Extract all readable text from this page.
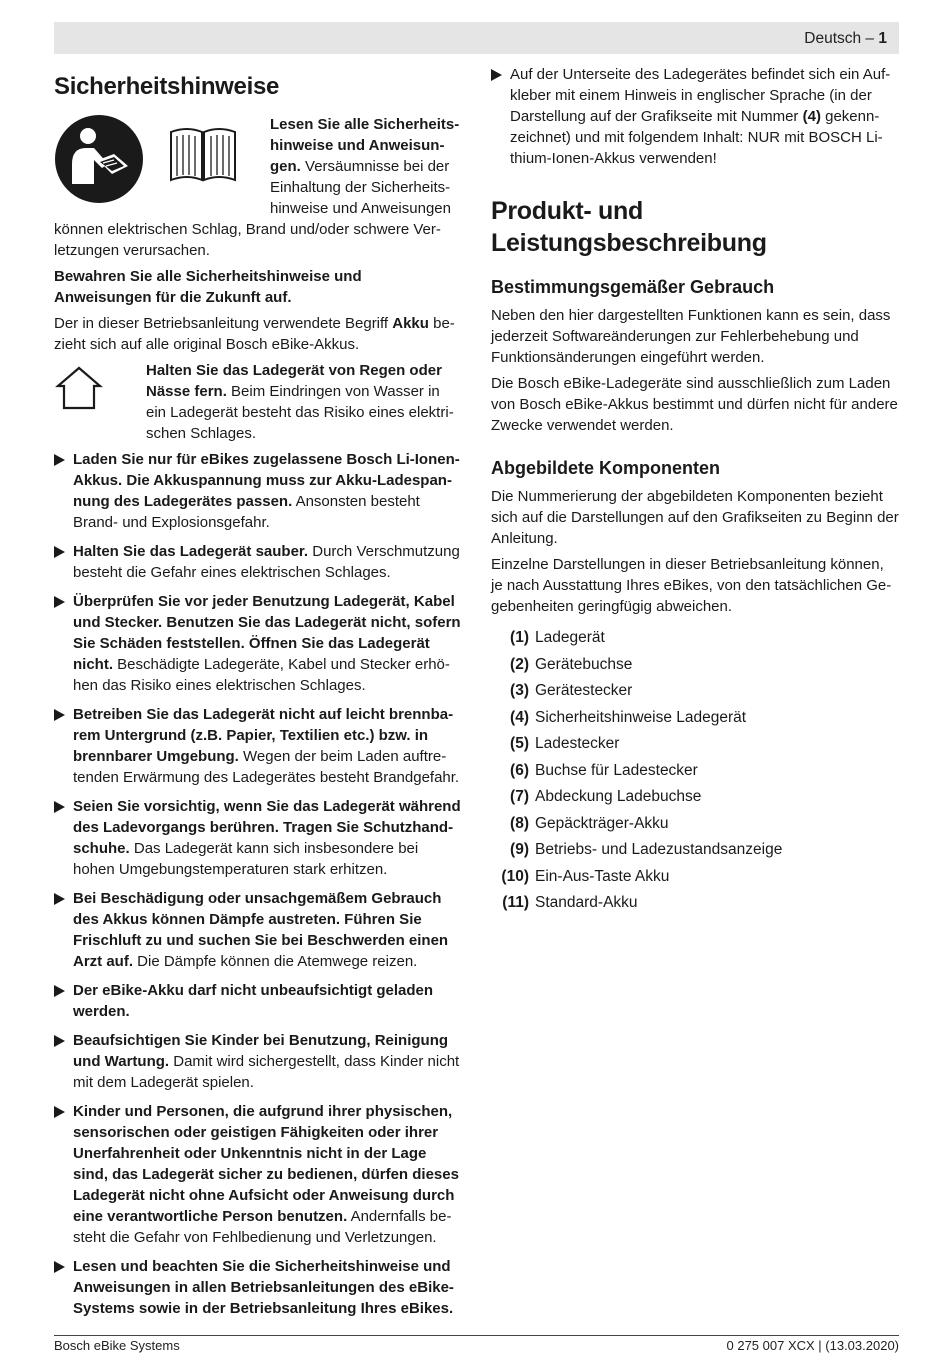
Deutsch – 1
Sicherheitshinweise

Lesen Sie alle Sicherheitshinweise und Anweisungen. Versäumnisse bei der Einhaltung der Sicherheitshinweise und Anweisungen können elektrischen Schlag, Brand und/oder schwere Verletzungen verursachen.

Bewahren Sie alle Sicherheitshinweise und Anweisungen für die Zukunft auf.

Der in dieser Betriebsanleitung verwendete Begriff Akku bezieht sich auf alle original Bosch eBike-Akkus.

Halten Sie das Ladegerät von Regen oder Nässe fern. Beim Eindringen von Wasser in ein Ladegerät besteht das Risiko eines elektrischen Schlages.

Laden Sie nur für eBikes zugelassene Bosch Li-Ionen-Akkus. Die Akkuspannung muss zur Akku-Ladespannung des Ladegerätes passen. Ansonsten besteht Brand- und Explosionsgefahr.
Halten Sie das Ladegerät sauber. Durch Verschmutzung besteht die Gefahr eines elektrischen Schlages.
Überprüfen Sie vor jeder Benutzung Ladegerät, Kabel und Stecker. Benutzen Sie das Ladegerät nicht, sofern Sie Schäden feststellen. Öffnen Sie das Ladegerät nicht. Beschädigte Ladegeräte, Kabel und Stecker erhöhen das Risiko eines elektrischen Schlages.
Betreiben Sie das Ladegerät nicht auf leicht brennbarem Untergrund (z.B. Papier, Textilien etc.) bzw. in brennbarer Umgebung. Wegen der beim Laden auftretenden Erwärmung des Ladegerätes besteht Brandgefahr.
Seien Sie vorsichtig, wenn Sie das Ladegerät während des Ladevorgangs berühren. Tragen Sie Schutzhandschuhe. Das Ladegerät kann sich insbesondere bei hohen Umgebungstemperaturen stark erhitzen.
Bei Beschädigung oder unsachgemäßem Gebrauch des Akkus können Dämpfe austreten. Führen Sie Frischluft zu und suchen Sie bei Beschwerden einen Arzt auf. Die Dämpfe können die Atemwege reizen.
Der eBike-Akku darf nicht unbeaufsichtigt geladen werden.
Beaufsichtigen Sie Kinder bei Benutzung, Reinigung und Wartung. Damit wird sichergestellt, dass Kinder nicht mit dem Ladegerät spielen.
Kinder und Personen, die aufgrund ihrer physischen, sensorischen oder geistigen Fähigkeiten oder ihrer Unerfahrenheit oder Unkenntnis nicht in der Lage sind, das Ladegerät sicher zu bedienen, dürfen dieses Ladegerät nicht ohne Aufsicht oder Anweisung durch eine verantwortliche Person benutzen. Andernfalls besteht die Gefahr von Fehlbedienung und Verletzungen.
Lesen und beachten Sie die Sicherheitshinweise und Anweisungen in allen Betriebsanleitungen des eBike-Systems sowie in der Betriebsanleitung Ihres eBikes.
Auf der Unterseite des Ladegerätes befindet sich ein Aufkleber mit einem Hinweis in englischer Sprache (in der Darstellung auf der Grafikseite mit Nummer (4) gekennzeichnet) und mit folgendem Inhalt: NUR mit BOSCH Lithium-Ionen-Akkus verwenden!
Produkt- und Leistungsbeschreibung
Bestimmungsgemäßer Gebrauch

Neben den hier dargestellten Funktionen kann es sein, dass jederzeit Softwareänderungen zur Fehlerbehebung und Funktionsänderungen eingeführt werden.

Die Bosch eBike-Ladegeräte sind ausschließlich zum Laden von Bosch eBike-Akkus bestimmt und dürfen nicht für andere Zwecke verwendet werden.

Abgebildete Komponenten

Die Nummerierung der abgebildeten Komponenten bezieht sich auf die Darstellungen auf den Grafikseiten zu Beginn der Anleitung.

Einzelne Darstellungen in dieser Betriebsanleitung können, je nach Ausstattung Ihres eBikes, von den tatsächlichen Gegebenheiten geringfügig abweichen.

(1) Ladegerät
(2) Gerätebuchse
(3) Gerätestecker
(4) Sicherheitshinweise Ladegerät
(5) Ladestecker
(6) Buchse für Ladestecker
(7) Abdeckung Ladebuchse
(8) Gepäckträger-Akku
(9) Betriebs- und Ladezustandsanzeige
(10) Ein-Aus-Taste Akku
(11) Standard-Akku
Bosch eBike Systems	0 275 007 XCX | (13.03.2020)
